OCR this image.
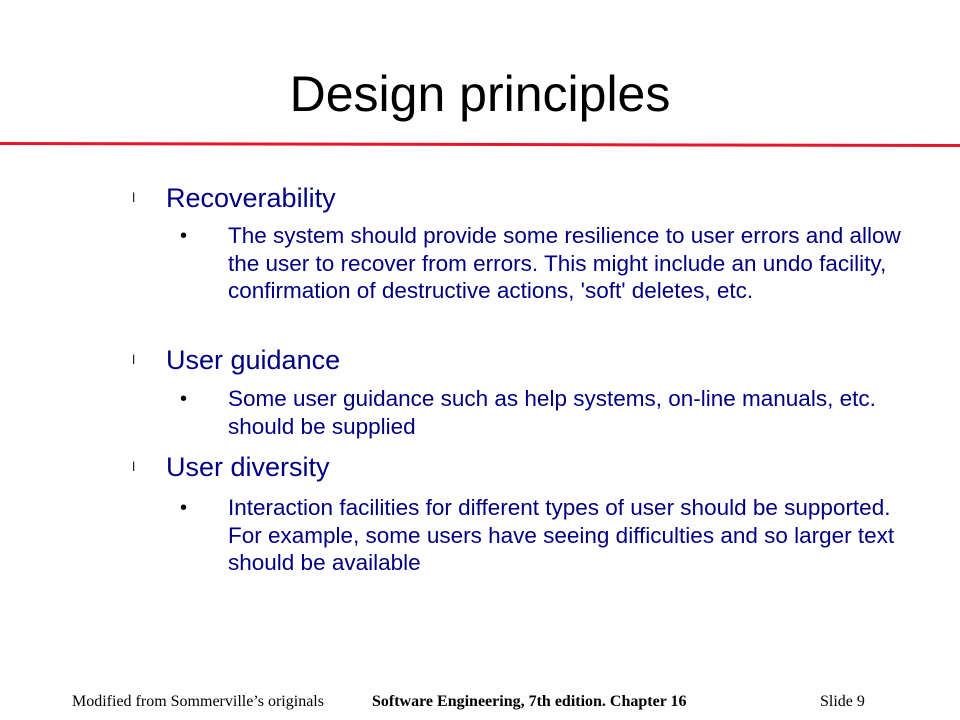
Design principles
l	Recoverability
• The system should provide some resilience to user errors and allow the user to recover from errors. This might include an undo facility, confirmation of destructive actions, 'soft' deletes, etc.
l	User guidance
• Some user guidance such as help systems, on-line manuals, etc. should be supplied
l	User diversity
• Interaction facilities for different types of user should be supported. For example, some users have seeing difficulties and so larger text should be available
Modified from Sommerville’s originals	Software Engineering, 7th edition. Chapter 16	Slide 9
